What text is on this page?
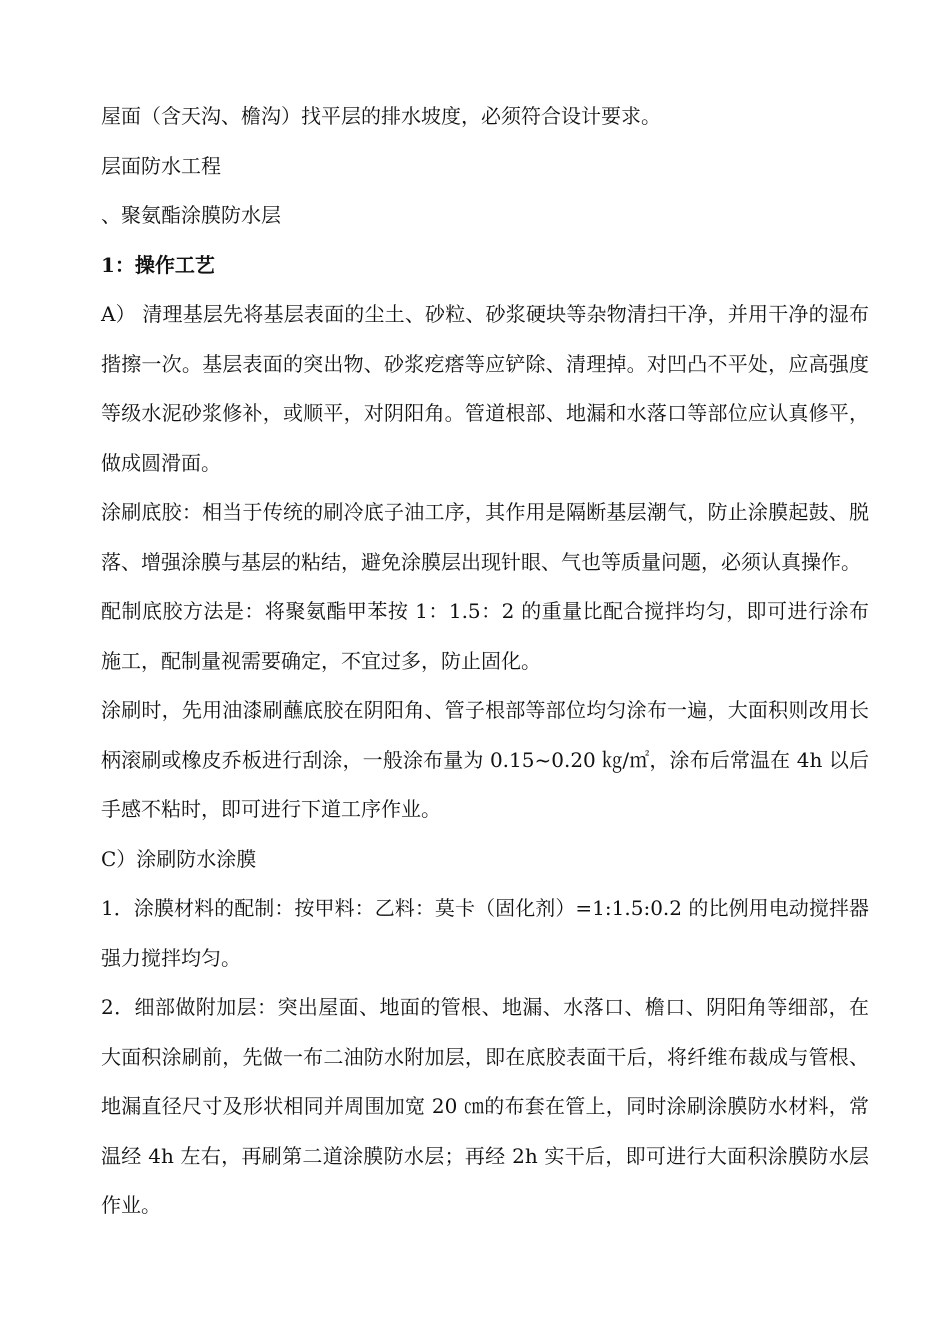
屋面（含天沟、檐沟）找平层的排水坡度，必须符合设计要求。

层面防水工程

、聚氨酯涂膜防水层

1：操作工艺

A） 清理基层先将基层表面的尘土、砂粒、砂浆硬块等杂物清扫干净，并用干净的湿布揩擦一次。基层表面的突出物、砂浆疙瘩等应铲除、清理掉。对凹凸不平处，应高强度等级水泥砂浆修补，或顺平，对阴阳角。管道根部、地漏和水落口等部位应认真修平，做成圆滑面。

涂刷底胶：相当于传统的刷冷底子油工序，其作用是隔断基层潮气，防止涂膜起鼓、脱落、增强涂膜与基层的粘结，避免涂膜层出现针眼、气也等质量问题，必须认真操作。

配制底胶方法是：将聚氨酯甲苯按 1：1.5：2 的重量比配合搅拌均匀，即可进行涂布施工，配制量视需要确定，不宜过多，防止固化。

涂刷时，先用油漆刷蘸底胶在阴阳角、管子根部等部位均匀涂布一遍，大面积则改用长柄滚刷或橡皮乔板进行刮涂，一般涂布量为 0.15~0.20 ㎏/㎡，涂布后常温在 4h 以后手感不粘时，即可进行下道工序作业。

C）涂刷防水涂膜

1．涂膜材料的配制：按甲料：乙料：莫卡（固化剂）=1:1.5:0.2 的比例用电动搅拌器强力搅拌均匀。

2．细部做附加层：突出屋面、地面的管根、地漏、水落口、檐口、阴阳角等细部，在大面积涂刷前，先做一布二油防水附加层，即在底胶表面干后，将纤维布裁成与管根、地漏直径尺寸及形状相同并周围加宽 20 ㎝的布套在管上，同时涂刷涂膜防水材料，常温经 4h 左右，再刷第二道涂膜防水层；再经 2h 实干后，即可进行大面积涂膜防水层作业。
